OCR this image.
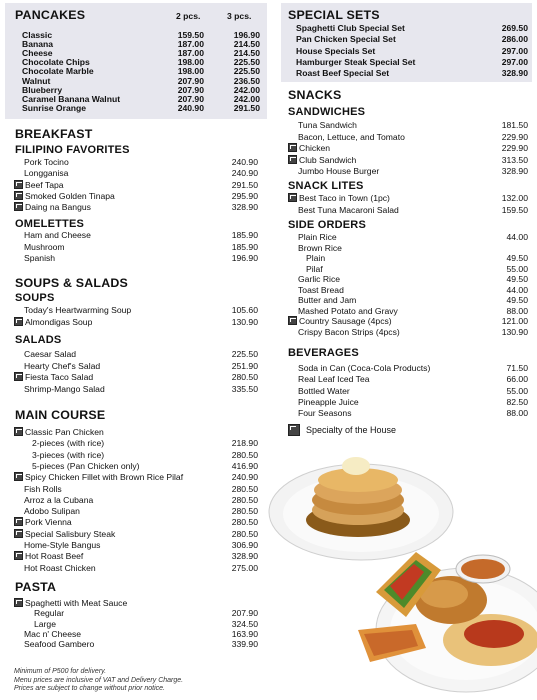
PANCAKES	2 pcs.	3 pcs.
Classic	159.50	196.90
Banana	187.00	214.50
Cheese	187.00	214.50
Chocolate Chips	198.00	225.50
Chocolate Marble	198.00	225.50
Walnut	207.90	236.50
Blueberry	207.90	242.00
Caramel Banana Walnut	207.90	242.00
Sunrise Orange	240.90	291.50
BREAKFAST
FILIPINO FAVORITES
Pork Tocino	240.90
Longganisa	240.90
Beef Tapa	291.50
Smoked Golden Tinapa	295.90
Daing na Bangus	328.90
OMELETTES
Ham and Cheese	185.90
Mushroom	185.90
Spanish	196.90
SOUPS & SALADS
SOUPS
Today's Heartwarming Soup	105.60
Almondigas Soup	130.90
SALADS
Caesar Salad	225.50
Hearty Chef's Salad	251.90
Fiesta Taco Salad	280.50
Shrimp-Mango Salad	335.50
MAIN COURSE
Classic Pan Chicken
2-pieces (with rice)	218.90
3-pieces (with rice)	280.50
5-pieces (Pan Chicken only)	416.90
Spicy Chicken Fillet with Brown Rice Pilaf	240.90
Fish Rolls	280.50
Arroz a la Cubana	280.50
Adobo Sulipan	280.50
Pork Vienna	280.50
Special Salisbury Steak	280.50
Home-Style Bangus	306.90
Hot Roast Beef	328.90
Hot Roast Chicken	275.00
PASTA
Spaghetti with Meat Sauce
Regular	207.90
Large	324.50
Mac n' Cheese	163.90
Seafood Gambero	339.90
Minimum of P500 for delivery.
Menu prices are inclusive of VAT and Delivery Charge.
Prices are subject to change without prior notice.
SPECIAL SETS
Spaghetti Club Special Set	269.50
Pan Chicken Special Set	286.00
House Specials Set	297.00
Hamburger Steak Special Set	297.00
Roast Beef Special Set	328.90
SNACKS
SANDWICHES
Tuna Sandwich	181.50
Bacon, Lettuce, and Tomato	229.90
Chicken	229.90
Club Sandwich	313.50
Jumbo House Burger	328.90
SNACK LITES
Best Taco in Town (1pc)	132.00
Best Tuna Macaroni Salad	159.50
SIDE ORDERS
Plain Rice	44.00
Brown Rice
Plain	49.50
Pilaf	55.00
Garlic Rice	49.50
Toast Bread	44.00
Butter and Jam	49.50
Mashed Potato and Gravy	88.00
Country Sausage (4pcs)	121.00
Crispy Bacon Strips (4pcs)	130.90
BEVERAGES
Soda in Can (Coca-Cola Products)	71.50
Real Leaf Iced Tea	66.00
Bottled Water	55.00
Pineapple Juice	82.50
Four Seasons	88.00
Specialty of the House
